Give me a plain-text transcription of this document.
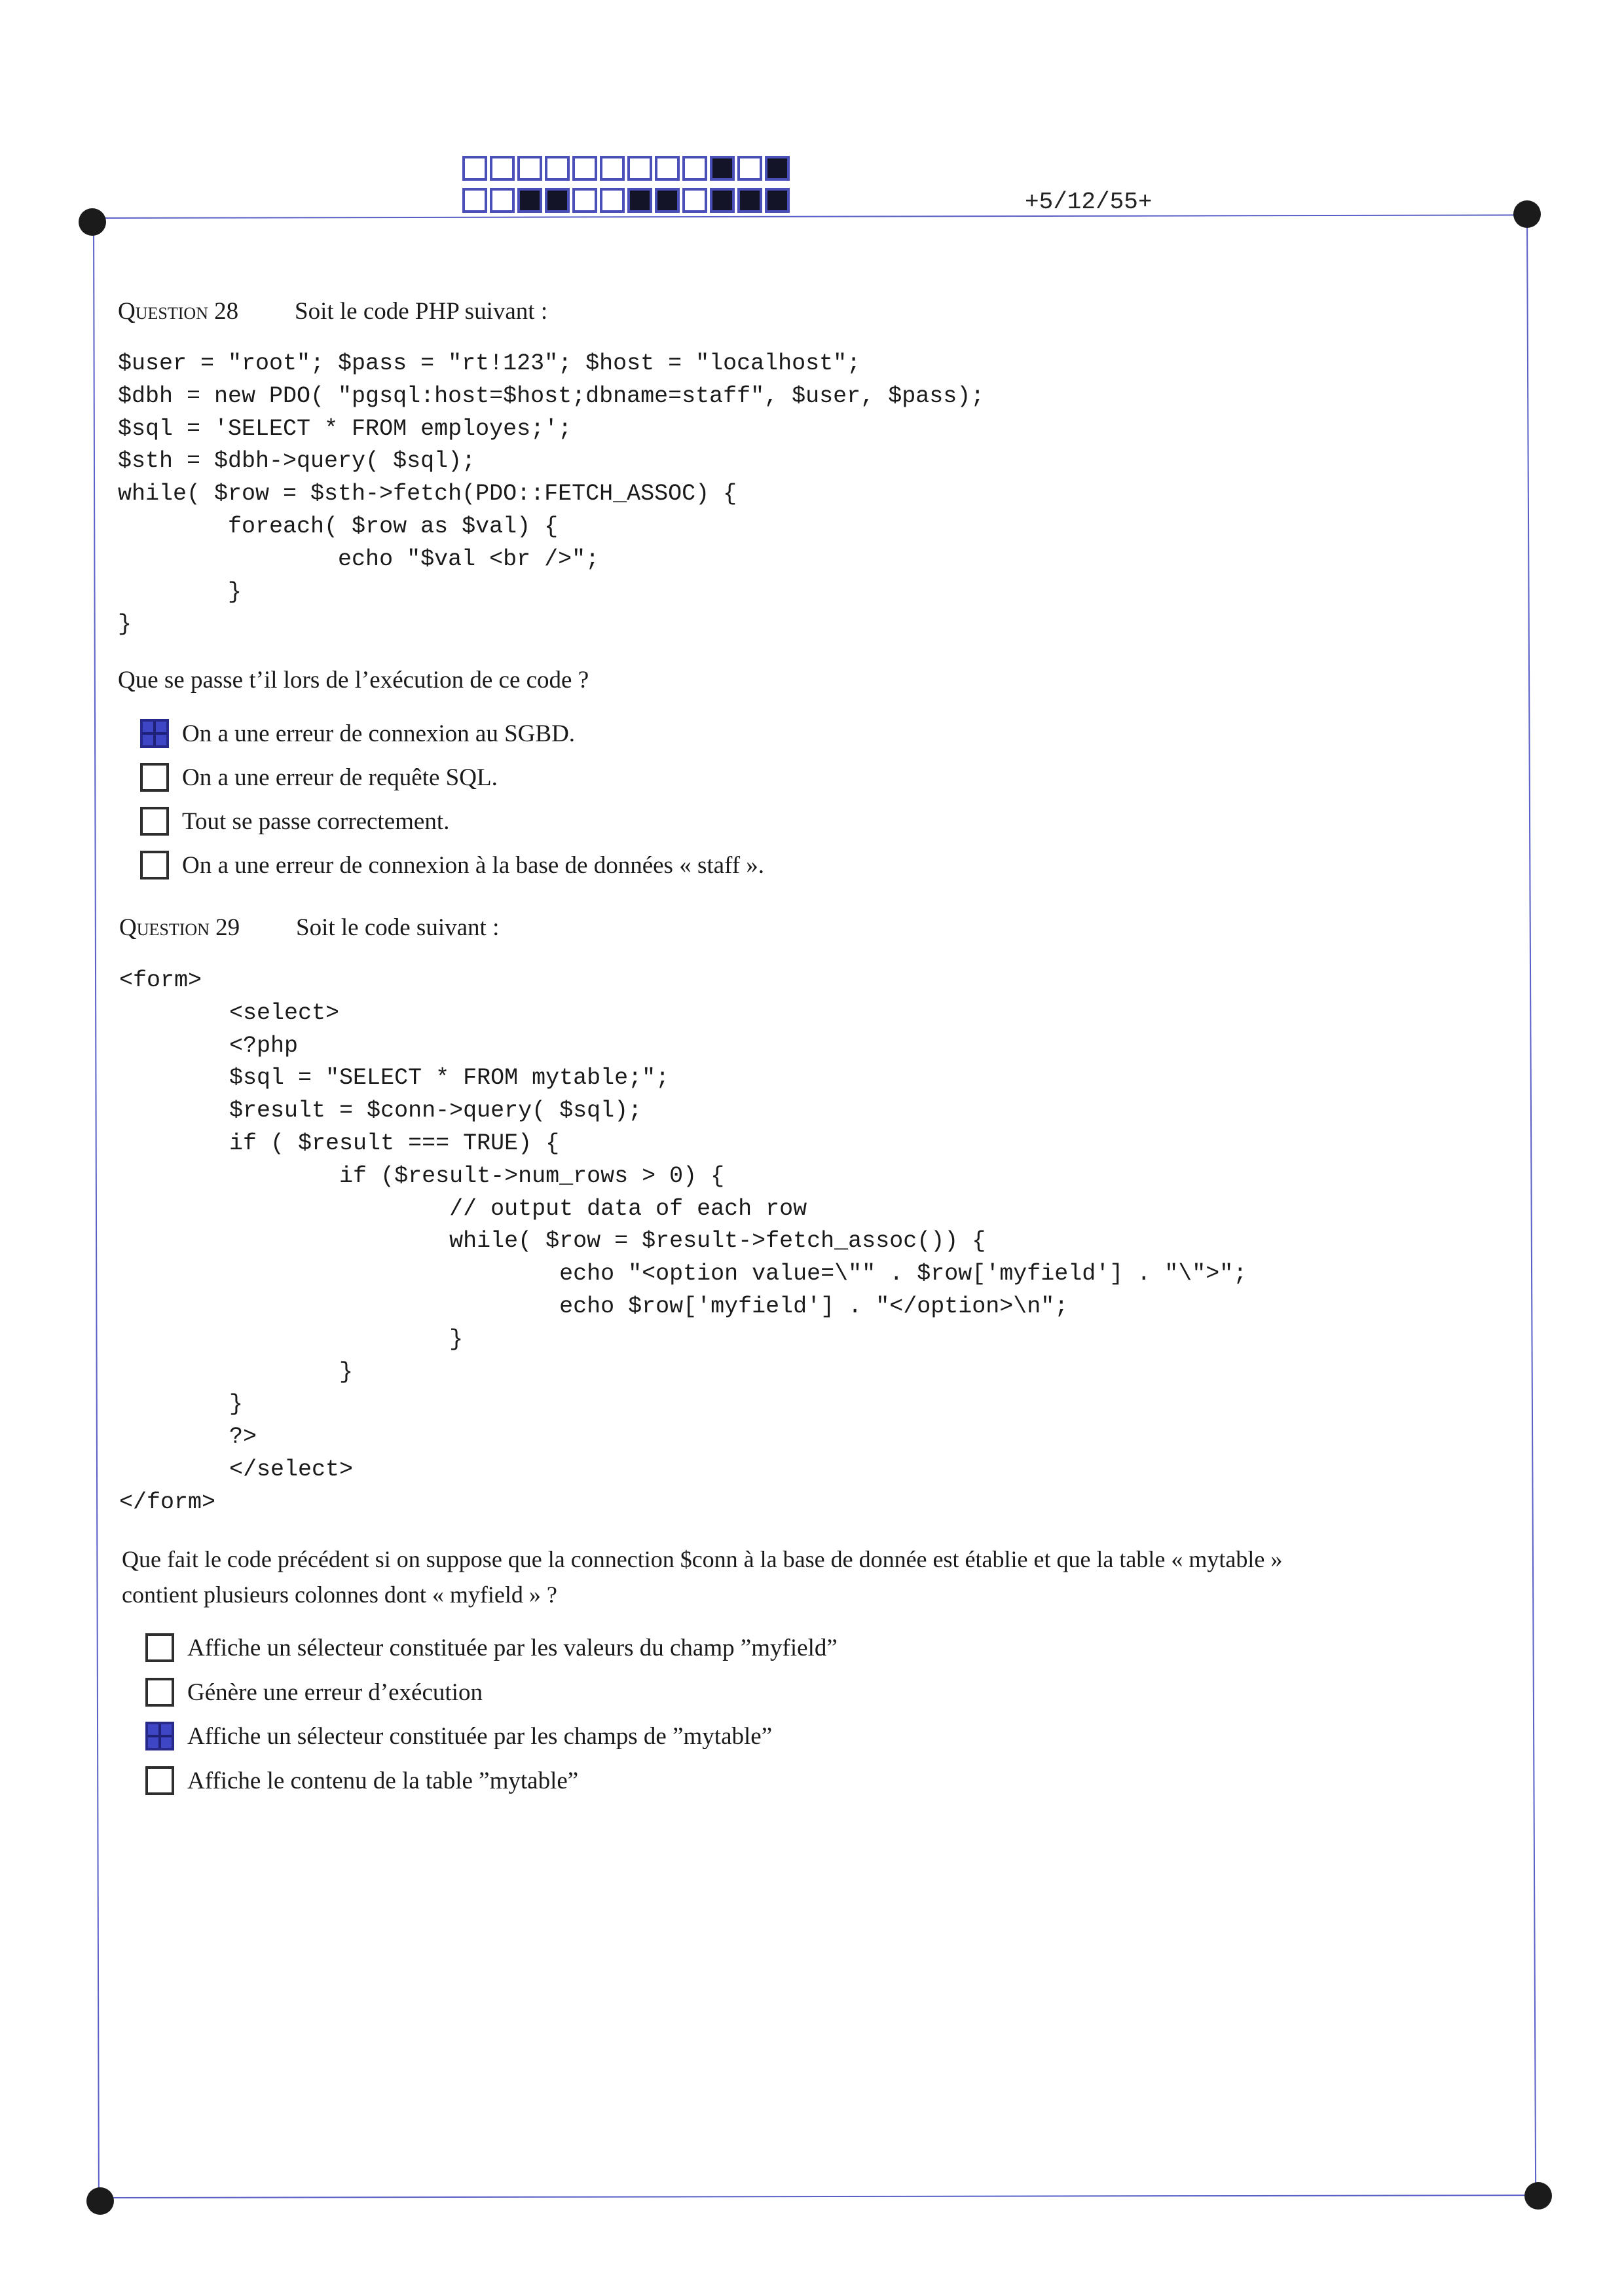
+5/12/55+
Question 28 Soit le code PHP suivant :
$user = "root"; $pass = "rt!123"; $host = "localhost";
$dbh = new PDO( "pgsql:host=$host;dbname=staff", $user, $pass);
$sql = 'SELECT * FROM employes;';
$sth = $dbh->query( $sql);
while( $row = $sth->fetch(PDO::FETCH_ASSOC) {
foreach( $row as $val) {
echo "$val <br />";
}
}
Que se passe t’il lors de l’exécution de ce code ?
On a une erreur de connexion au SGBD.
On a une erreur de requête SQL.
Tout se passe correctement.
On a une erreur de connexion à la base de données « staff ».
Question 29 Soit le code suivant :
<form>
<select>
<?php
$sql = "SELECT * FROM mytable;";
$result = $conn->query( $sql);
if ( $result === TRUE) {
if ($result->num_rows > 0) {
// output data of each row
while( $row = $result->fetch_assoc()) {
echo "<option value=\"" . $row['myfield'] . "\">";
echo $row['myfield'] . "</option>\n";
}
}
}
?>
</select>
</form>
Que fait le code précédent si on suppose que la connection $conn à la base de donnée est établie et que la table « mytable »
contient plusieurs colonnes dont « myfield » ?
Affiche un sélecteur constituée par les valeurs du champ ”myfield”
Génère une erreur d’exécution
Affiche un sélecteur constituée par les champs de ”mytable”
Affiche le contenu de la table ”mytable”
